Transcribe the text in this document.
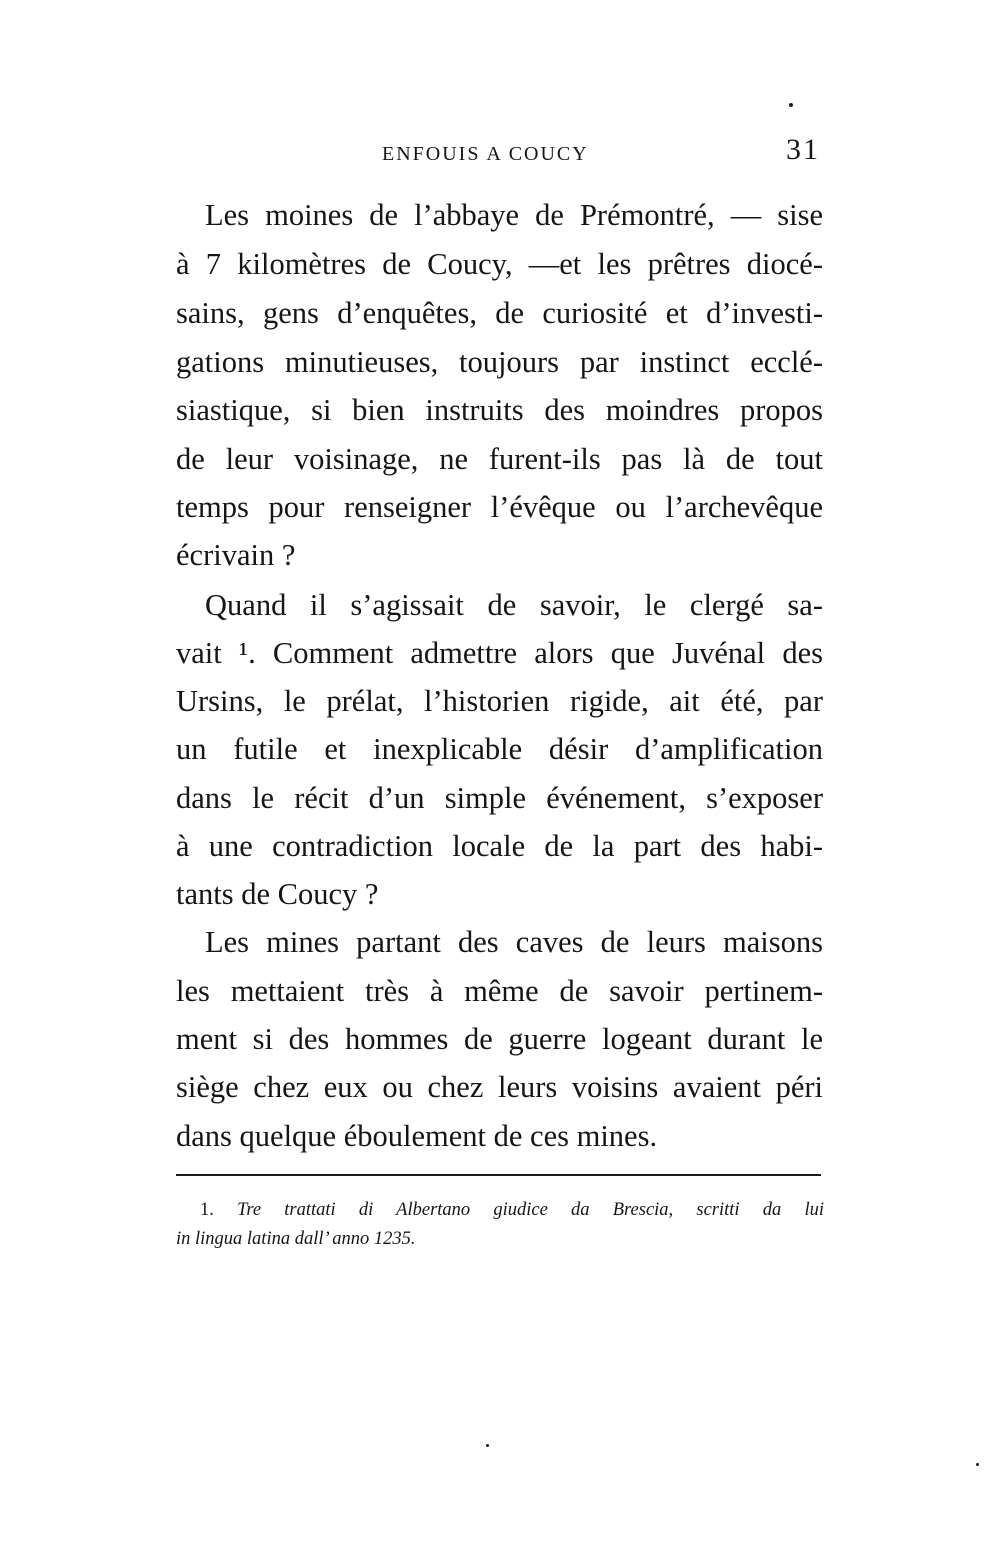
ENFOUIS A COUCY	31
Les moines de l’abbaye de Prémontré, — sise
à 7 kilomètres de Coucy, —et les prêtres diocé-
sains, gens d’enquêtes, de curiosité et d’investi-
gations minutieuses, toujours par instinct ecclé-
siastique, si bien instruits des moindres propos
de leur voisinage, ne furent-ils pas là de tout
temps pour renseigner l’évêque ou l’archevêque
écrivain ?
Quand il s’agissait de savoir, le clergé sa-
vait ¹. Comment admettre alors que Juvénal des
Ursins, le prélat, l’historien rigide, ait été, par
un futile et inexplicable désir d’amplification
dans le récit d’un simple événement, s’exposer
à une contradiction locale de la part des habi-
tants de Coucy ?
Les mines partant des caves de leurs maisons
les mettaient très à même de savoir pertinem-
ment si des hommes de guerre logeant durant le
siège chez eux ou chez leurs voisins avaient péri
dans quelque éboulement de ces mines.
1. Tre trattati di Albertano giudice da Brescia, scritti da lui
in lingua latina dall’ anno 1235.
